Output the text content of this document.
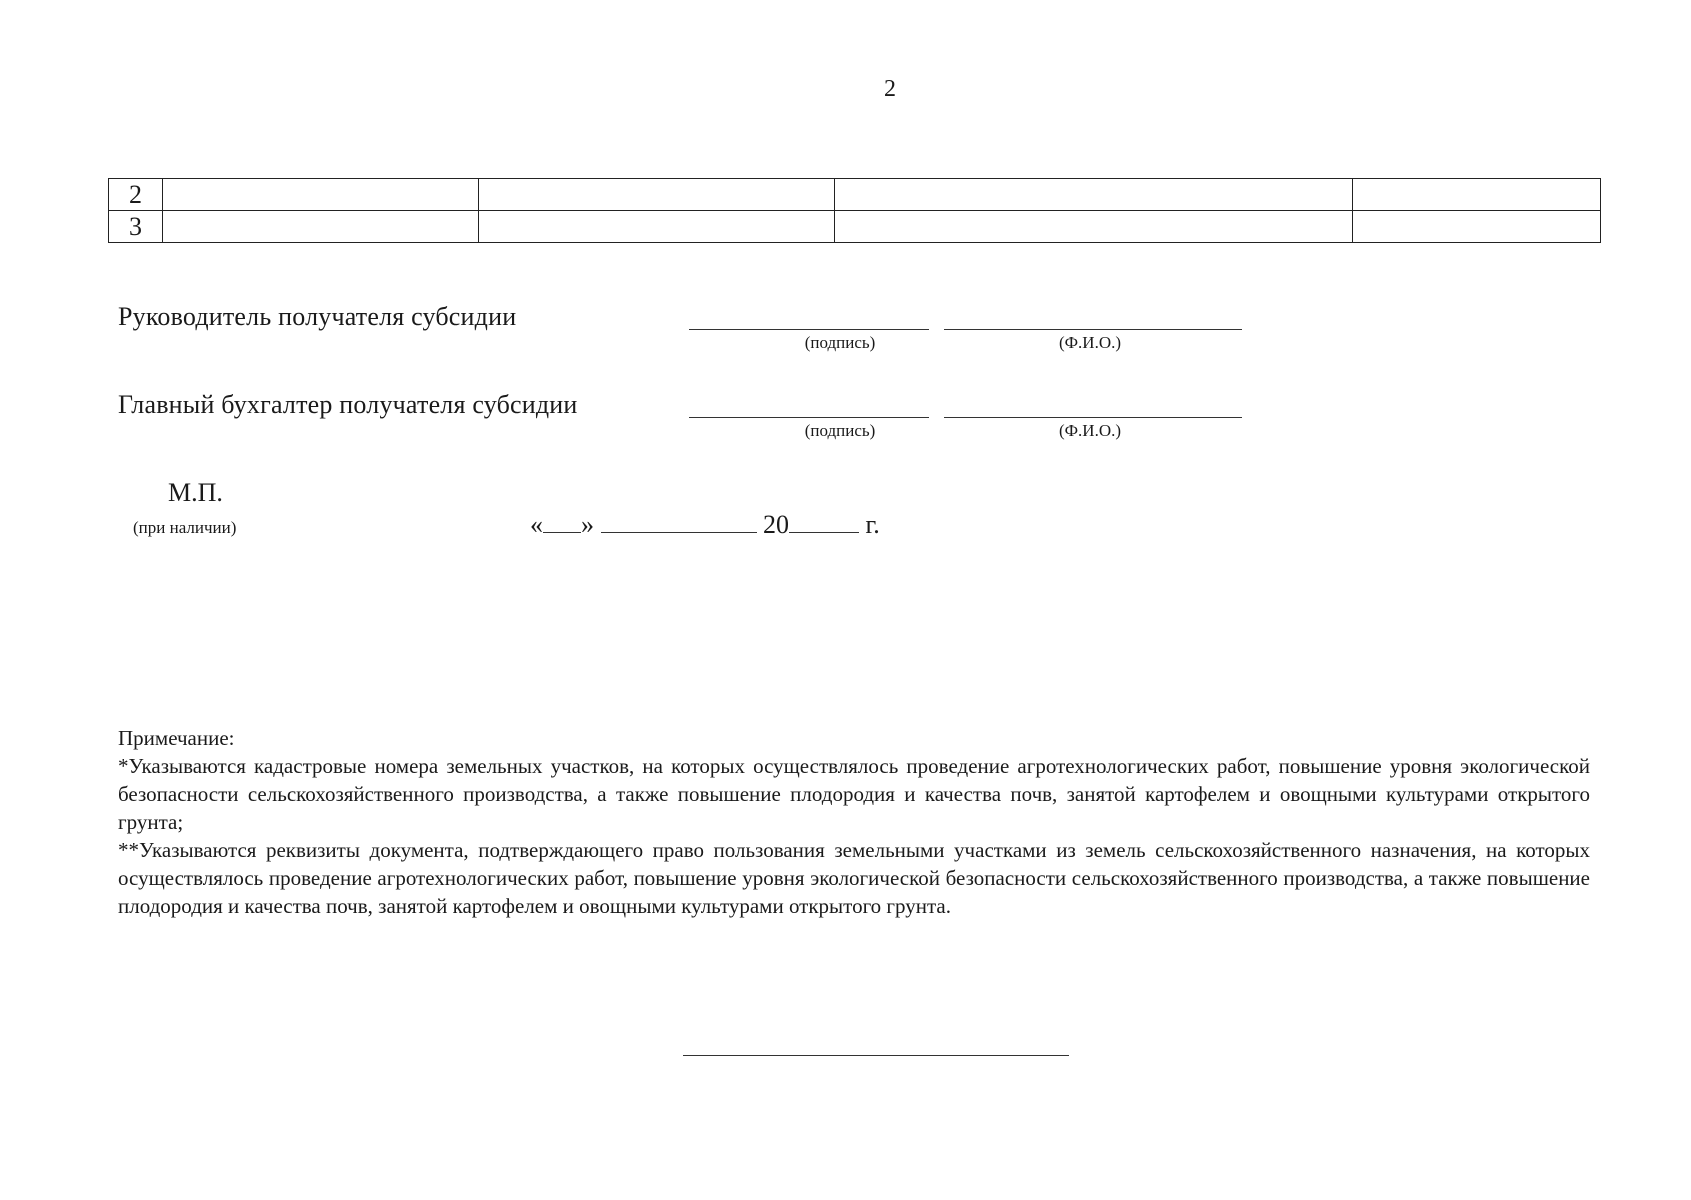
2
2				
3				
Руководитель получателя субсидии
(подпись)	(Ф.И.О.)
Главный бухгалтер получателя субсидии
(подпись)	(Ф.И.О.)
М.П.
(при наличии)	« »	20	г.

Примечание:

*Указываются кадастровые номера земельных участков, на которых осуществлялось проведение агротехнологических работ, повышение уровня экологической безопасности сельскохозяйственного производства, а также повышение плодородия и качества почв, занятой картофелем и овощными культурами открытого грунта;

**Указываются реквизиты документа, подтверждающего право пользования земельными участками из земель сельскохозяйственного назначения, на которых осуществлялось проведение агротехнологических работ, повышение уровня экологической безопасности сельскохозяйственного производства, а также повышение плодородия и качества почв, занятой картофелем и овощными культурами открытого грунта.
